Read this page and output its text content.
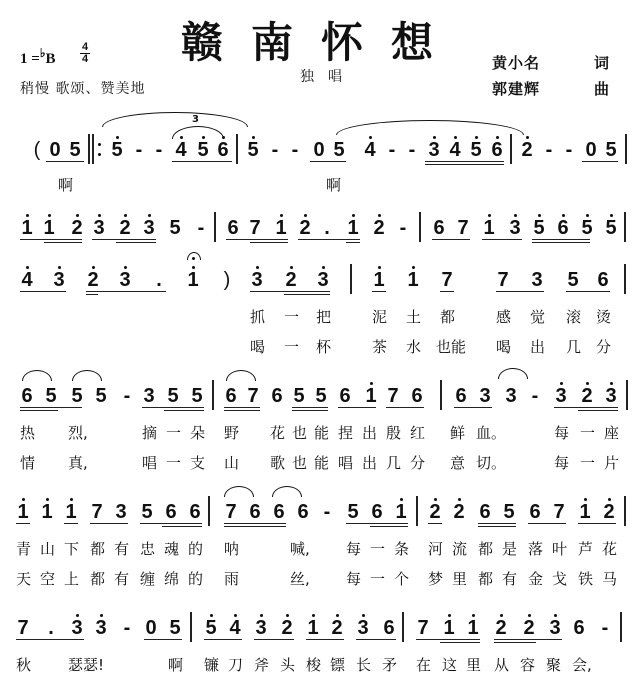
赣南怀想
独唱
$1 =^♭B \frac{4}{4}$
稍慢 歌颂、赞美地
黄小名	词
郭建辉	曲
3
( 0 5 5 - - 4 5 6 5 - - 0 5 4 - - 3 4 5 6 2 - - 0 5
啊	啊
1 1 2 3 2 3 5 - 6 7 1 2 . 1 2 - 6 7 1 3 5 6 5 5
4 3 2 3 . 1 ) 3 2 3 1 1 7 7 3 5 6
抓 一 把	泥 土 都	感 觉 滚 烫
喝 一 杯	茶 水 也能 喝 出 几 分
6 5 5 5 - 3 5 5 6 7 6 5 5 6 1 7 6 6 3 3 - 3 2 3
热 烈,	摘 一 朵 野 花 也 能 捏 出 殷 红 鲜 血。	每 一 座
情 真,	唱 一 支 山 歌 也 能 唱 出 几 分 意 切。	每 一 片
1 1 1 7 3 5 6 6 7 6 6 6 - 5 6 1 2 2 6 5 6 7 1 2
青 山 下 都 有 忠 魂 的 呐	喊, 每 一 条 河 流 都 是 落 叶 芦 花
天 空 上 都 有 缠 绵 的 雨	丝, 每 一 个 梦 里 都 有 金 戈 铁 马
7 . 3 3 - 0 5 5 4 3 2 1 2 3 6 7 1 1 2 2 3 6 -
秋 瑟瑟!	啊 镰 刀 斧 头 梭 镖 长 矛 在 这 里 从 容 聚 会,
